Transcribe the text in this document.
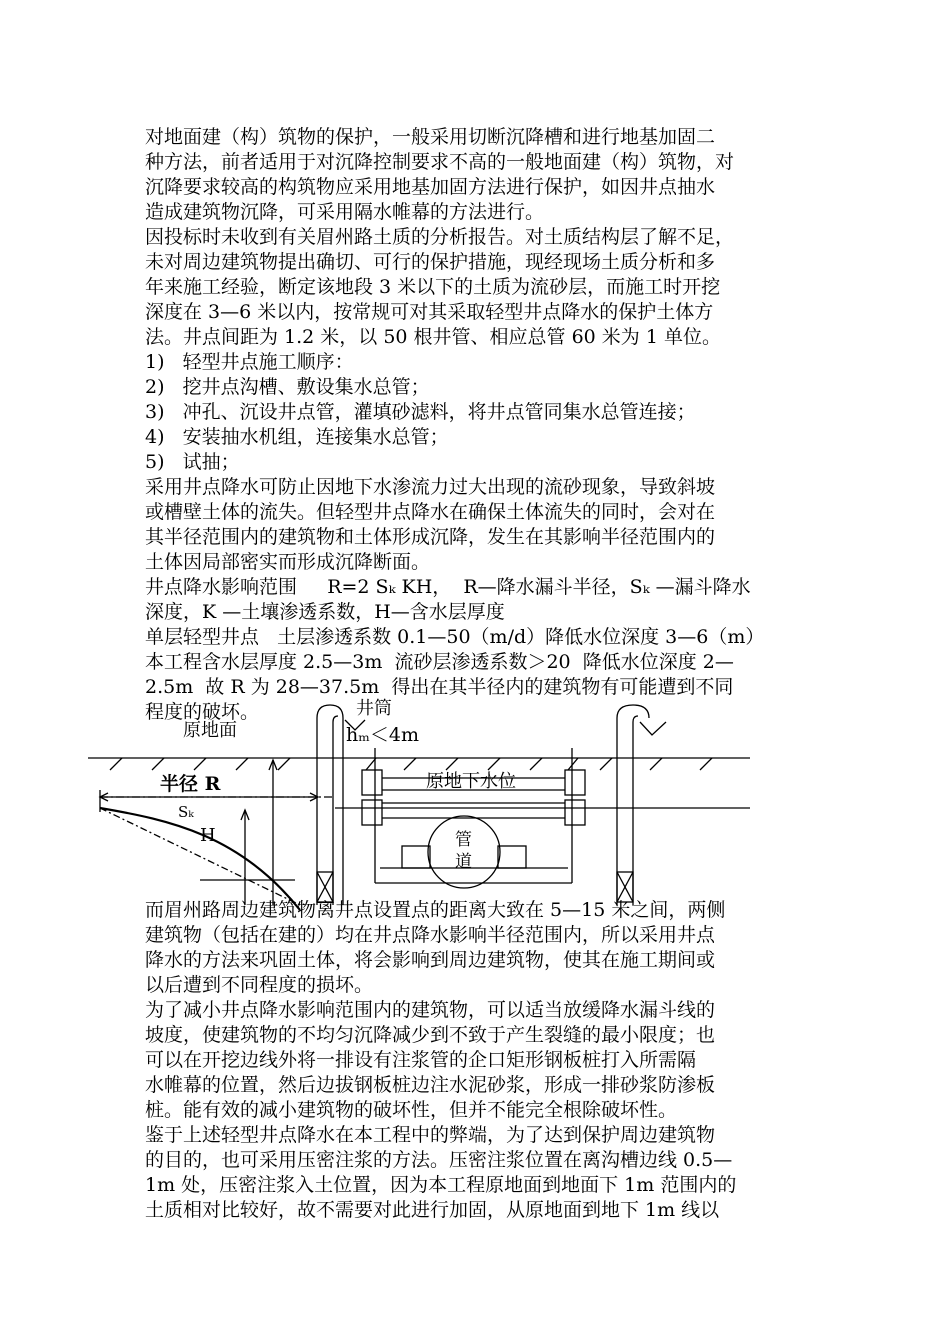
对地面建（构）筑物的保护，一般采用切断沉降槽和进行地基加固二
种方法，前者适用于对沉降控制要求不高的一般地面建（构）筑物，对
沉降要求较高的构筑物应采用地基加固方法进行保护，如因井点抽水
造成建筑物沉降，可采用隔水帷幕的方法进行。
因投标时未收到有关眉州路土质的分析报告。对土质结构层了解不足，
未对周边建筑物提出确切、可行的保护措施，现经现场土质分析和多
年来施工经验，断定该地段 3 米以下的土质为流砂层，而施工时开挖
深度在 3—6 米以内，按常规可对其采取轻型井点降水的保护土体方
法。井点间距为 1.2 米，以 50 根井管、相应总管 60 米为 1 单位。
1)   轻型井点施工顺序：
2)   挖井点沟槽、敷设集水总管；
3)   冲孔、沉设井点管，灌填砂滤料，将井点管同集水总管连接；
4)   安装抽水机组，连接集水总管；
5)   试抽；
采用井点降水可防止因地下水渗流力过大出现的流砂现象，导致斜坡
或槽壁土体的流失。但轻型井点降水在确保土体流失的同时，会对在
其半径范围内的建筑物和土体形成沉降，发生在其影响半径范围内的
土体因局部密实而形成沉降断面。
井点降水影响范围     R=2 Sₖ KH，  R—降水漏斗半径，Sₖ —漏斗降水
深度，K —土壤渗透系数，H—含水层厚度
单层轻型井点   土层渗透系数 0.1—50（m/d）降低水位深度 3—6（m）
本工程含水层厚度 2.5—3m  流砂层渗透系数＞20  降低水位深度 2—
2.5m  故 R 为 28—37.5m  得出在其半径内的建筑物有可能遭到不同
程度的破坏。	井筒
原地面	hₘ＜4m
半径 R
Sₖ
H
原地下水位
管
道
而眉州路周边建筑物离井点设置点的距离大致在 5—15 米之间，两侧
建筑物（包括在建的）均在井点降水影响半径范围内，所以采用井点
降水的方法来巩固土体，将会影响到周边建筑物，使其在施工期间或
以后遭到不同程度的损坏。
为了减小井点降水影响范围内的建筑物，可以适当放缓降水漏斗线的
坡度，使建筑物的不均匀沉降减少到不致于产生裂缝的最小限度；也
可以在开挖边线外将一排设有注浆管的企口矩形钢板桩打入所需隔
水帷幕的位置，然后边拔钢板桩边注水泥砂浆，形成一排砂浆防渗板
桩。能有效的减小建筑物的破坏性，但并不能完全根除破坏性。
鉴于上述轻型井点降水在本工程中的弊端，为了达到保护周边建筑物
的目的，也可采用压密注浆的方法。压密注浆位置在离沟槽边线 0.5—
1m 处，压密注浆入土位置，因为本工程原地面到地面下 1m 范围内的
土质相对比较好，故不需要对此进行加固，从原地面到地下 1m 线以
